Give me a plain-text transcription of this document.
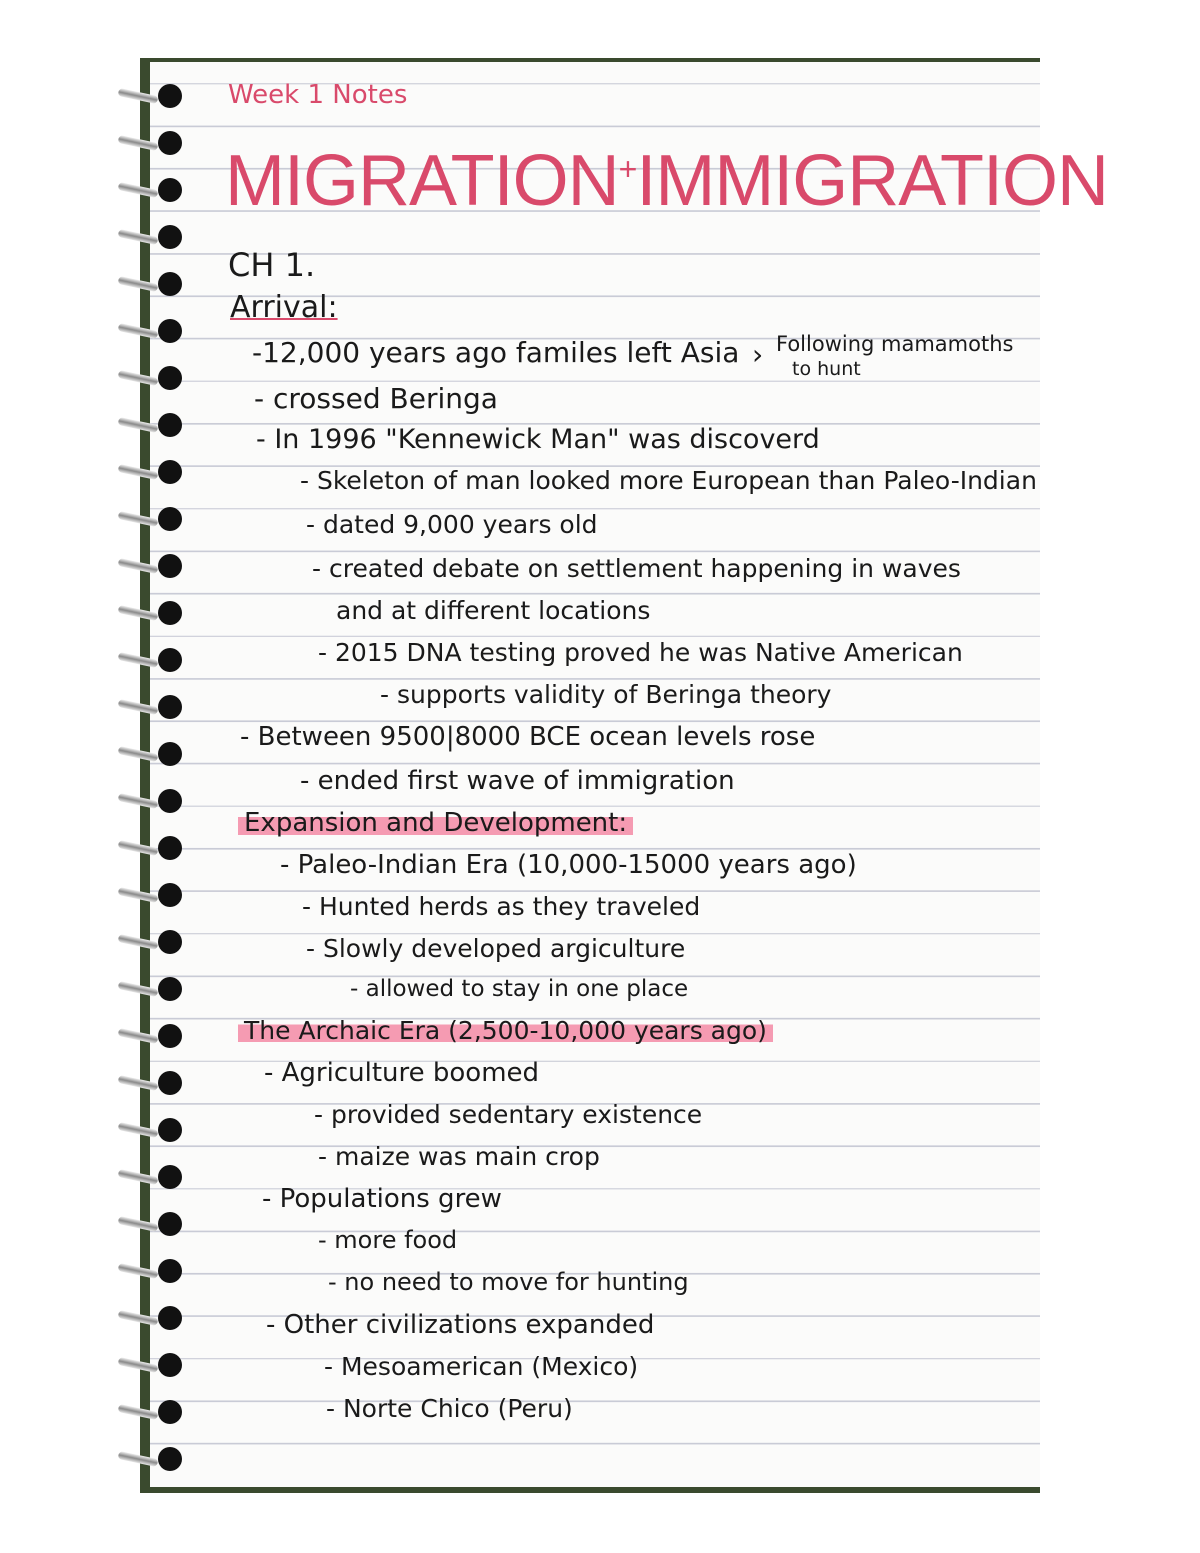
Week 1 Notes
MIGRATION+IMMIGRATION
CH 1.
Arrival:
-12,000 years ago familes left Asia › Following mamamoths
to hunt
- crossed Beringa
- In 1996 "Kennewick Man" was discoverd
- Skeleton of man looked more European than Paleo-Indian
- dated 9,000 years old
- created debate on settlement happening in waves
and at different locations
- 2015 DNA testing proved he was Native American
- supports validity of Beringa theory
- Between 9500|8000 BCE ocean levels rose
- ended first wave of immigration
Expansion and Development:
- Paleo-Indian Era (10,000-15000 years ago)
- Hunted herds as they traveled
- Slowly developed argiculture
- allowed to stay in one place
The Archaic Era (2,500-10,000 years ago)
- Agriculture boomed
- provided sedentary existence
- maize was main crop
- Populations grew
- more food
- no need to move for hunting
- Other civilizations expanded
- Mesoamerican (Mexico)
- Norte Chico (Peru)
